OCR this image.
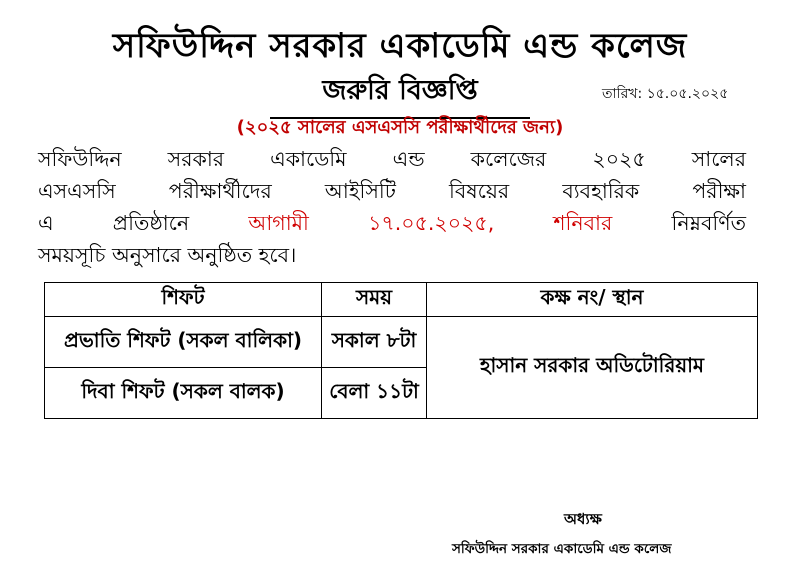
সফিউদ্দিন সরকার একাডেমি এন্ড কলেজ
জরুরি বিজ্ঞপ্তি	তারিখ: ১৫.০৫.২০২৫
(২০২৫ সালের এসএসসি পরীক্ষার্থীদের জন্য)
সফিউদ্দিন সরকার একাডেমি এন্ড কলেজের ২০২৫ সালের
এসএসসি পরীক্ষার্থীদের আইসিটি বিষয়ের ব্যবহারিক পরীক্ষা
এ প্রতিষ্ঠানে	আগামী ১৭.০৫.২০২৫, শনিবার	নিম্নবর্ণিত
সময়সূচি অনুসারে অনুষ্ঠিত হবে।
শিফট	সময়	কক্ষ নং/ স্থান
প্রভাতি শিফট (সকল বালিকা)	সকাল ৮টা	হাসান সরকার অডিটোরিয়াম
দিবা শিফট (সকল বালক)	বেলা ১১টা	
অধ্যক্ষ
সফিউদ্দিন সরকার একাডেমি এন্ড কলেজ
